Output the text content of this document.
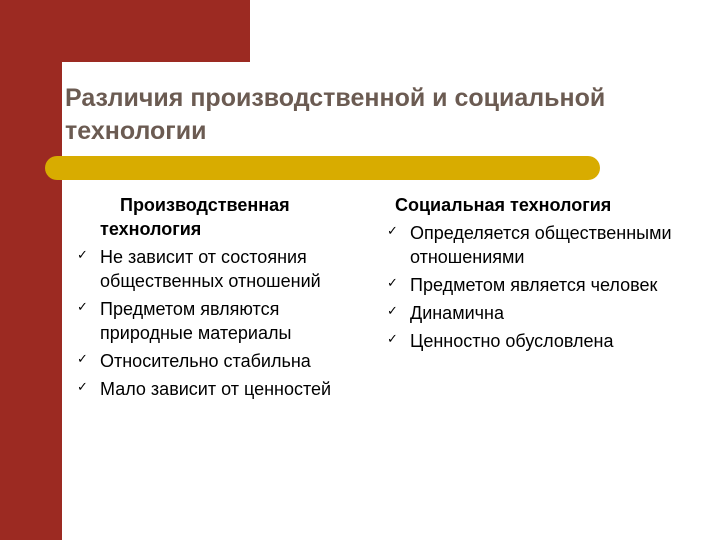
Различия производственной и социальной технологии

Производственная технология

✓ Не зависит от состояния общественных отношений
✓ Предметом являются природные материалы
✓ Относительно стабильна
✓ Мало зависит от ценностей

Социальная технология

✓ Определяется общественными отношениями
✓ Предметом является человек
✓ Динамична
✓ Ценностно обусловлена
